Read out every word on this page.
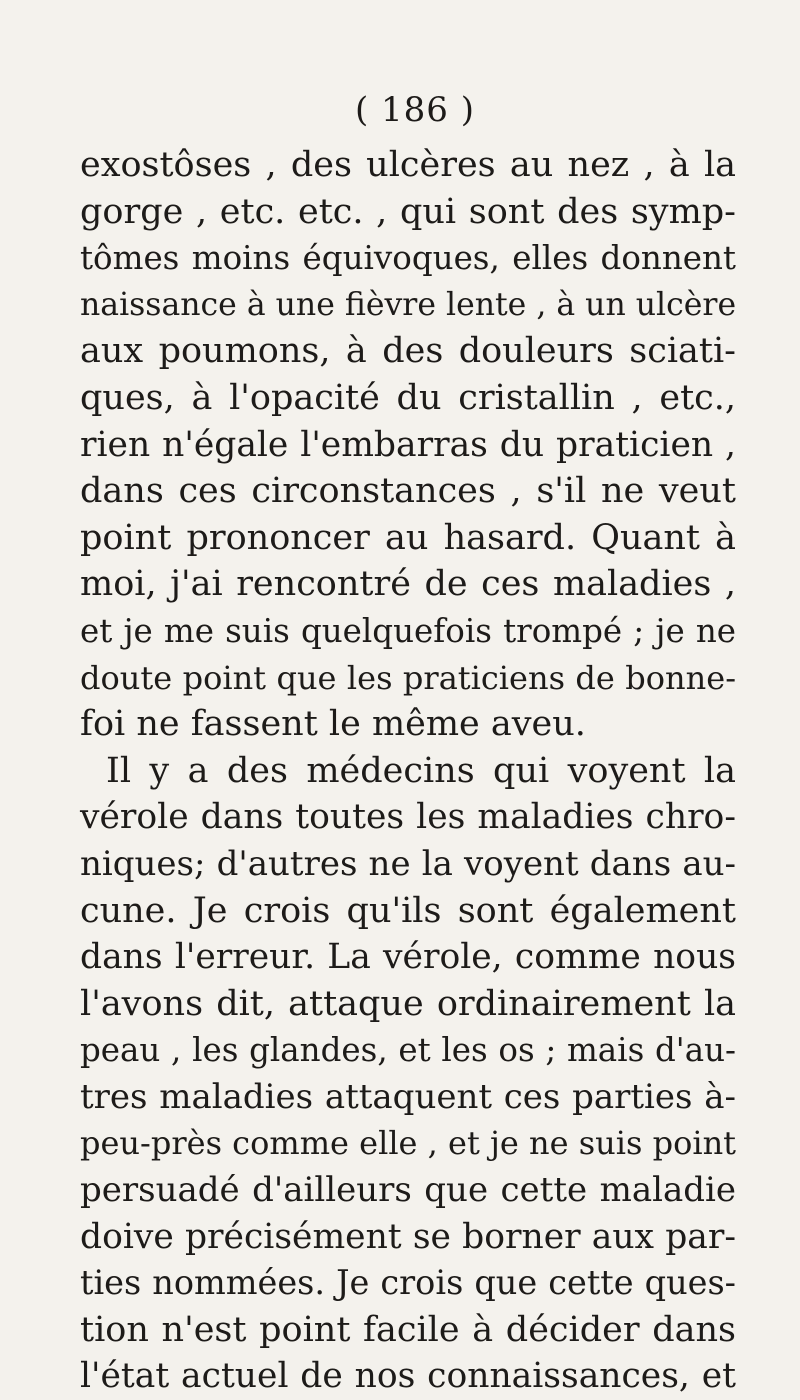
( 186 )
exostôses , des ulcères au nez , à la
gorge , etc. etc. , qui sont des symp-
tômes moins équivoques, elles donnent
naissance à une fièvre lente , à un ulcère
aux poumons, à des douleurs sciati-
ques, à l'opacité du cristallin , etc.,
rien n'égale l'embarras du praticien ,
dans ces circonstances , s'il ne veut
point prononcer au hasard. Quant à
moi, j'ai rencontré de ces maladies ,
et je me suis quelquefois trompé ; je ne
doute point que les praticiens de bonne-
foi ne fassent le même aveu.
Il y a des médecins qui voyent la
vérole dans toutes les maladies chro-
niques; d'autres ne la voyent dans au-
cune. Je crois qu'ils sont également
dans l'erreur. La vérole, comme nous
l'avons dit, attaque ordinairement la
peau , les glandes, et les os ; mais d'au-
tres maladies attaquent ces parties à-
peu-près comme elle , et je ne suis point
persuadé d'ailleurs que cette maladie
doive précisément se borner aux par-
ties nommées. Je crois que cette ques-
tion n'est point facile à décider dans
l'état actuel de nos connaissances, et
